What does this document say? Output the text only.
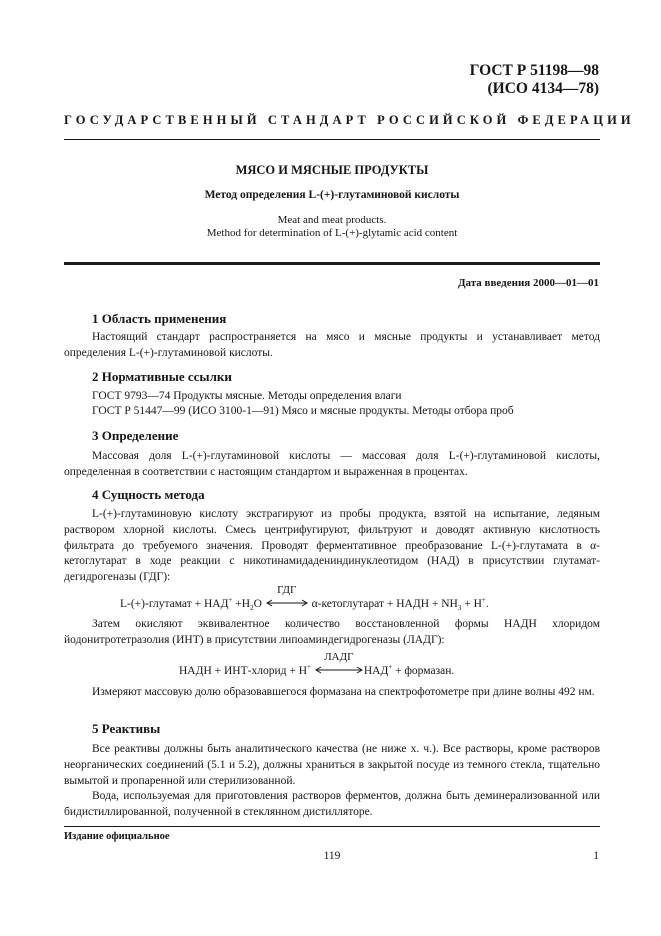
ГОСТ Р 51198—98
(ИСО 4134—78)
ГОСУДАРСТВЕННЫЙ СТАНДАРТ РОССИЙСКОЙ ФЕДЕРАЦИИ
МЯСО И МЯСНЫЕ ПРОДУКТЫ
Метод определения L-(+)-глутаминовой кислоты
Meat and meat products.
Method for determination of L-(+)-glytamic acid content
Дата введения 2000—01—01
1 Область применения
Настоящий стандарт распространяется на мясо и мясные продукты и устанавливает метод определения L-(+)-глутаминовой кислоты.
2 Нормативные ссылки
ГОСТ 9793—74 Продукты мясные. Методы определения влаги
ГОСТ Р 51447—99 (ИСО 3100-1—91) Мясо и мясные продукты. Методы отбора проб
3 Определение
Массовая доля L-(+)-глутаминовой кислоты — массовая доля L-(+)-глутаминовой кислоты, определенная в соответствии с настоящим стандартом и выраженная в процентах.
4 Сущность метода
L-(+)-глутаминовую кислоту экстрагируют из пробы продукта, взятой на испытание, ледяным раствором хлорной кислоты. Смесь центрифугируют, фильтруют и доводят активную кислотность фильтрата до требуемого значения. Проводят ферментативное преобразование L-(+)-глутамата в α-кетоглутарат в ходе реакции с никотинамидадениндинуклеотидом (НАД) в присутствии глутамат-дегидрогеназы (ГДГ):
L-(+)-глутамат + $НАД^+ +H_2O$
ГДГ
α-кетоглутарат + НАДН + $NH_3 + H^+$.
Затем окисляют эквивалентное количество восстановленной формы НАДН хлоридом йодонитротетразолия (ИНТ) в присутствии липоаминдегидрогеназы (ЛАДГ):
НАДН + ИНТ-хлорид + H+
ЛАДГ
НАД+ + формазан.
Измеряют массовую долю образовавшегося формазана на спектрофотометре при длине волны 492 нм.
5 Реактивы
Все реактивы должны быть аналитического качества (не ниже х. ч.). Все растворы, кроме растворов неорганических соединений (5.1 и 5.2), должны храниться в закрытой посуде из темного стекла, тщательно вымытой и пропаренной или стерилизованной.
Вода, используемая для приготовления растворов ферментов, должна быть деминерализованной или бидистиллированной, полученной в стеклянном дистилляторе.
Издание официальное
119	1
